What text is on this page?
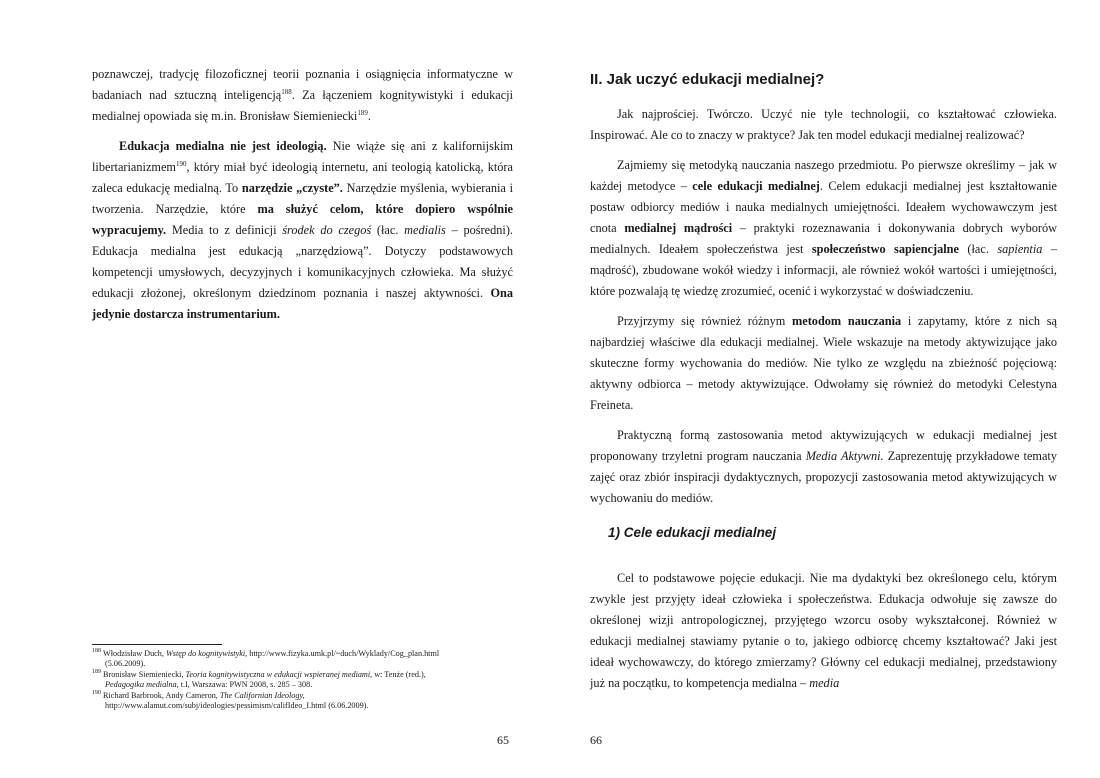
poznawczej, tradycję filozoficznej teorii poznania i osiągnięcia informatyczne w badaniach nad sztuczną inteligencją$^{188}$. Za łączeniem kognitywistyki i edukacji medialnej opowiada się m.in. Bronisław Siemieniecki$^{189}$.

Edukacja medialna nie jest ideologią. Nie wiąże się ani z kalifornijskim libertarianizmem$^{190}$, który miał być ideologią internetu, ani teologią katolicką, która zaleca edukację medialną. To narzędzie „czyste”. Narzędzie myślenia, wybierania i tworzenia. Narzędzie, które ma służyć celom, które dopiero wspólnie wypracujemy. Media to z definicji środek do czegoś (łac. medialis – pośredni). Edukacja medialna jest edukacją „narzędziową”. Dotyczy podstawowych kompetencji umysłowych, decyzyjnych i komunikacyjnych człowieka. Ma służyć edukacji złożonej, określonym dziedzinom poznania i naszej aktywności. Ona jedynie dostarcza instrumentarium.

$^{188}$ Włodzisław Duch, Wstęp do kognitywistyki, http://www.fizyka.umk.pl/~duch/Wyklady/Cog_plan.html
(5.06.2009).
$^{189}$ Bronisław Siemieniecki, Teoria kognitywistyczna w edukacji wspieranej mediami, w: Tenże (red.),
Pedagogika medialna, t.I, Warszawa: PWN 2008, s. 285 – 308.
$^{190}$ Richard Barbrook, Andy Cameron, The Californian Ideology,
http://www.alamut.com/subj/ideologies/pessimism/califIdeo_I.html (6.06.2009).
65
II. Jak uczyć edukacji medialnej?

Jak najprościej. Twórczo. Uczyć nie tyle technologii, co kształtować człowieka. Inspirować. Ale co to znaczy w praktyce? Jak ten model edukacji medialnej realizować?

Zajmiemy się metodyką nauczania naszego przedmiotu. Po pierwsze określimy – jak w każdej metodyce – cele edukacji medialnej. Celem edukacji medialnej jest kształtowanie postaw odbiorcy mediów i nauka medialnych umiejętności. Ideałem wychowawczym jest cnota medialnej mądrości – praktyki rozeznawania i dokonywania dobrych wyborów medialnych. Ideałem społeczeństwa jest społeczeństwo sapiencjalne (łac. sapientia – mądrość), zbudowane wokół wiedzy i informacji, ale również wokół wartości i umiejętności, które pozwalają tę wiedzę zrozumieć, ocenić i wykorzystać w doświadczeniu.

Przyjrzymy się również różnym metodom nauczania i zapytamy, które z nich są najbardziej właściwe dla edukacji medialnej. Wiele wskazuje na metody aktywizujące jako skuteczne formy wychowania do mediów. Nie tylko ze względu na zbieżność pojęciową: aktywny odbiorca – metody aktywizujące. Odwołamy się również do metodyki Celestyna Freineta.

Praktyczną formą zastosowania metod aktywizujących w edukacji medialnej jest proponowany trzyletni program nauczania Media Aktywni. Zaprezentuję przykładowe tematy zajęć oraz zbiór inspiracji dydaktycznych, propozycji zastosowania metod aktywizujących w wychowaniu do mediów.

1) Cele edukacji medialnej

Cel to podstawowe pojęcie edukacji. Nie ma dydaktyki bez określonego celu, którym zwykle jest przyjęty ideał człowieka i społeczeństwa. Edukacja odwołuje się zawsze do określonej wizji antropologicznej, przyjętego wzorcu osoby wykształconej. Również w edukacji medialnej stawiamy pytanie o to, jakiego odbiorcę chcemy kształtować? Jaki jest ideał wychowawczy, do którego zmierzamy? Główny cel edukacji medialnej, przedstawiony już na początku, to kompetencja medialna – media

66
